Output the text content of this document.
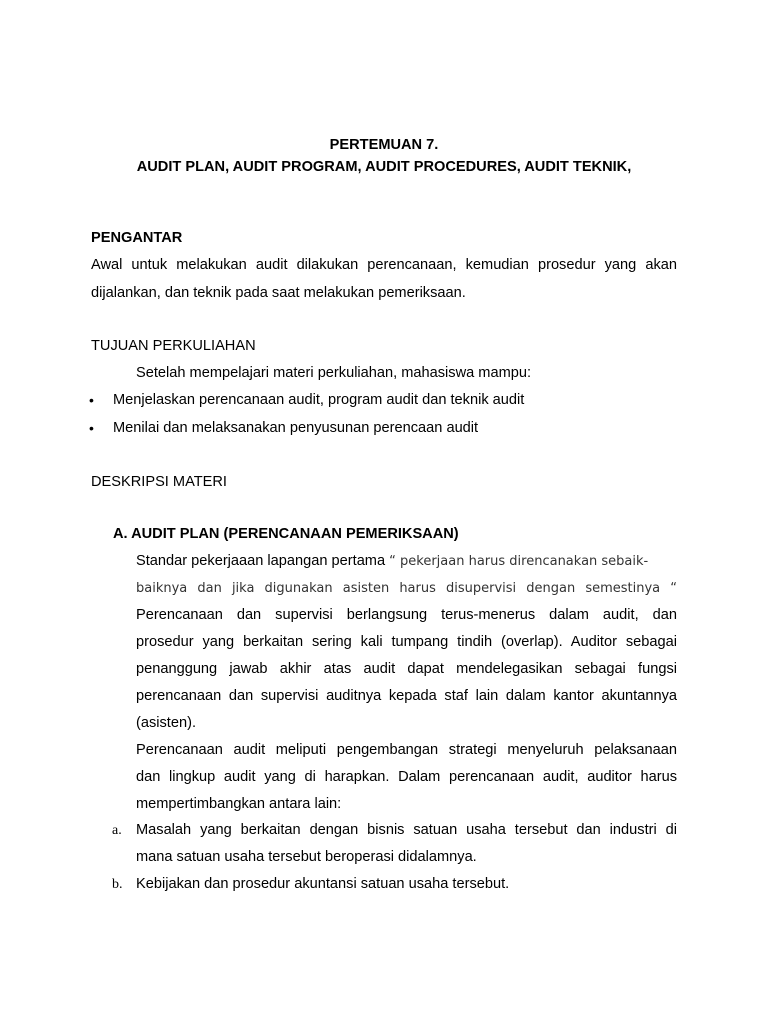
PERTEMUAN 7.
AUDIT PLAN, AUDIT PROGRAM, AUDIT PROCEDURES, AUDIT TEKNIK,
PENGANTAR
Awal untuk melakukan audit dilakukan perencanaan, kemudian prosedur yang akan
dijalankan, dan teknik pada saat melakukan pemeriksaan.
TUJUAN PERKULIAHAN
Setelah mempelajari materi perkuliahan, mahasiswa mampu:
• Menjelaskan perencanaan audit, program audit dan teknik audit
• Menilai dan melaksanakan penyusunan perencaan audit
DESKRIPSI MATERI
A. AUDIT PLAN (PERENCANAAN PEMERIKSAAN)
Standar pekerjaaan lapangan pertama “ pekerjaan harus direncanakan sebaik-
baiknya dan jika digunakan asisten harus disupervisi dengan semestinya “
Perencanaan dan supervisi berlangsung terus-menerus dalam audit, dan
prosedur yang berkaitan sering kali tumpang tindih (overlap). Auditor sebagai
penanggung jawab akhir atas audit dapat mendelegasikan sebagai fungsi
perencanaan dan supervisi auditnya kepada staf lain dalam kantor akuntannya
(asisten).
Perencanaan audit meliputi pengembangan strategi menyeluruh pelaksanaan
dan lingkup audit yang di harapkan. Dalam perencanaan audit, auditor harus
mempertimbangkan antara lain:
a. Masalah yang berkaitan dengan bisnis satuan usaha tersebut dan industri di
mana satuan usaha tersebut beroperasi didalamnya.
b. Kebijakan dan prosedur akuntansi satuan usaha tersebut.
